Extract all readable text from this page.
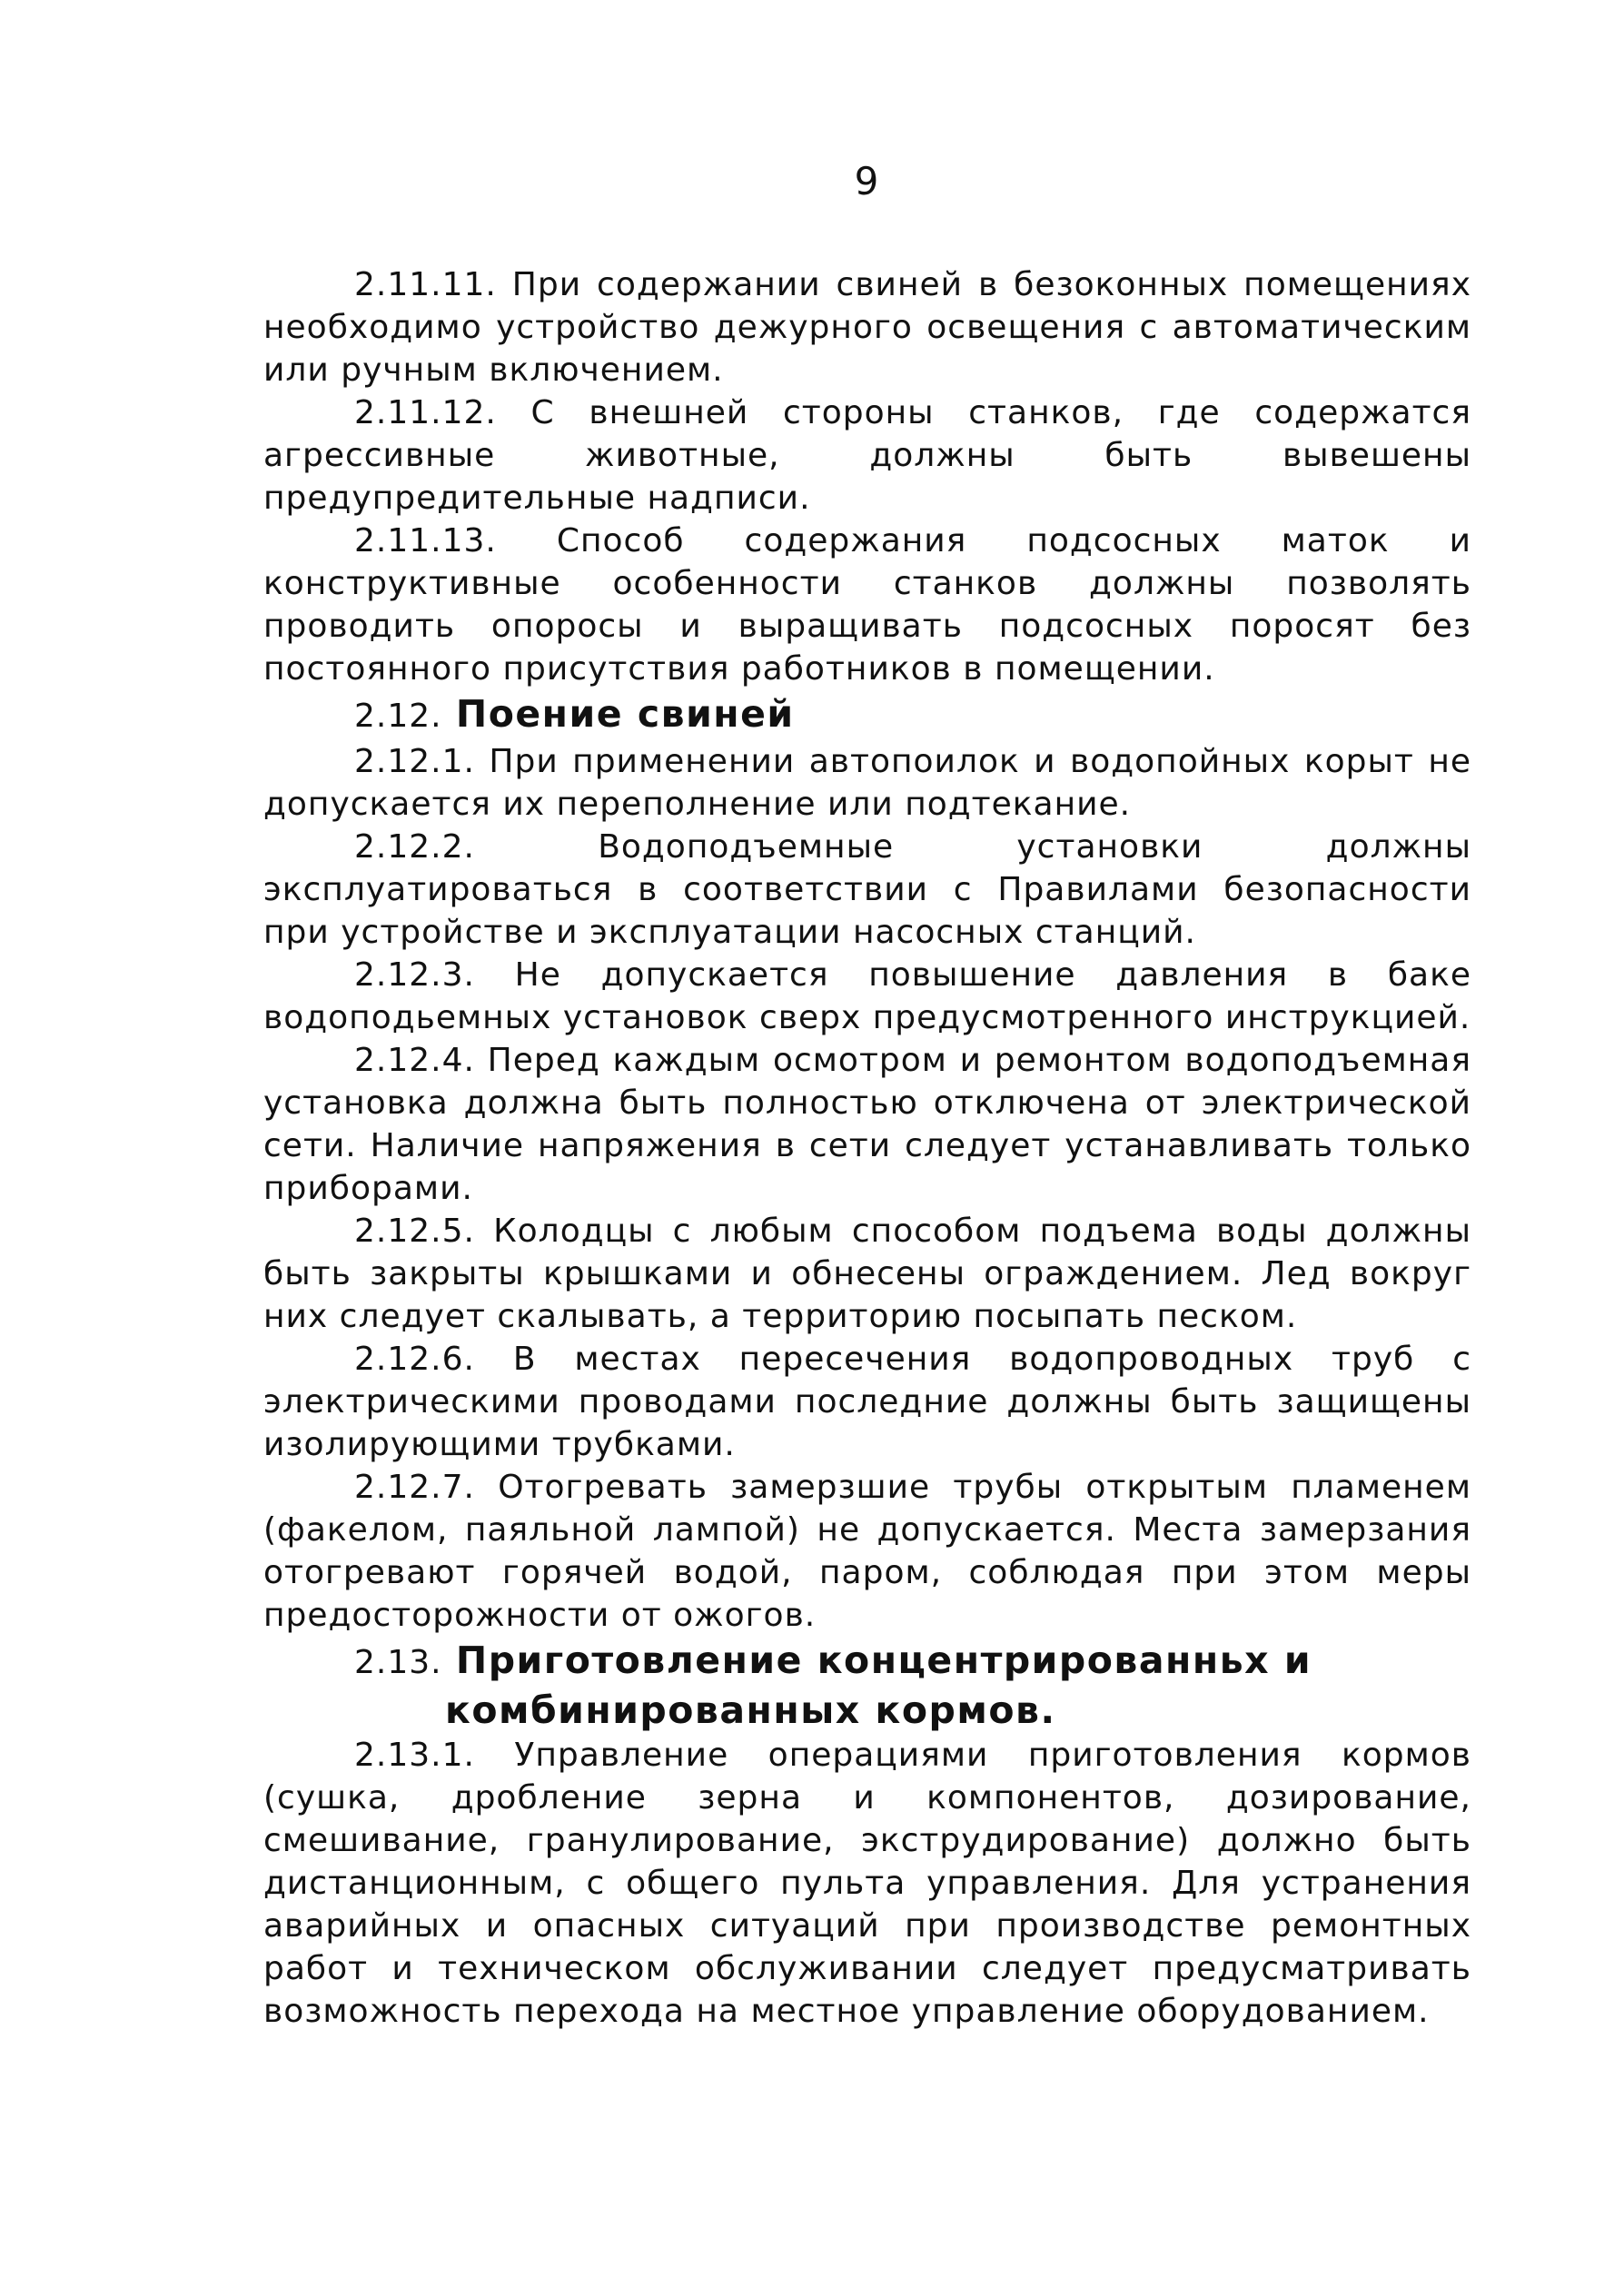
9

2.11.11. При содержании свиней в безоконных помещениях необходимо устройство дежурного освещения с автоматическим или ручным включением.

2.11.12. С внешней стороны станков, где содержатся агрессивные животные, должны быть вывешены предупредительные надписи.

2.11.13. Способ содержания подсосных маток и конструктивные особенности станков должны позволять проводить опоросы и выращивать подсосных поросят без постоянного присутствия работников в помещении.

2.12. Поение свиней

2.12.1. При применении автопоилок и водопойных корыт не допускается их переполнение или подтекание.

2.12.2. Водоподъемные установки должны эксплуатироваться в соответствии с Правилами безопасности при устройстве и эксплуатации насосных станций.

2.12.3. Не допускается повышение давления в баке водоподьемных установок сверх предусмотренного инструкцией.

2.12.4. Перед каждым осмотром и ремонтом водоподъемная установка должна быть полностью отключена от электрической сети. Наличие напряжения в сети следует устанавливать только приборами.

2.12.5. Колодцы с любым способом подъема воды должны быть закрыты крышками и обнесены ограждением. Лед вокруг них следует скалывать, а территорию посыпать песком.

2.12.6. В местах пересечения водопроводных труб с электрическими проводами последние должны быть защищены изолирующими трубками.

2.12.7. Отогревать замерзшие трубы открытым пламенем (факелом, паяльной лампой) не допускается. Места замерзания отогревают горячей водой, паром, соблюдая при этом меры предосторожности от ожогов.

2.13. Приготовление концентрированньх и
комбинированных кормов.

2.13.1. Управление операциями приготовления кормов (сушка, дробление зерна и компонентов, дозирование, смешивание, гранулирование, экструдирование) должно быть дистанционным, с общего пульта управления. Для устранения аварийных и опасных ситуаций при производстве ремонтных работ и техническом обслуживании следует предусматривать возможность перехода на местное управление оборудованием.
